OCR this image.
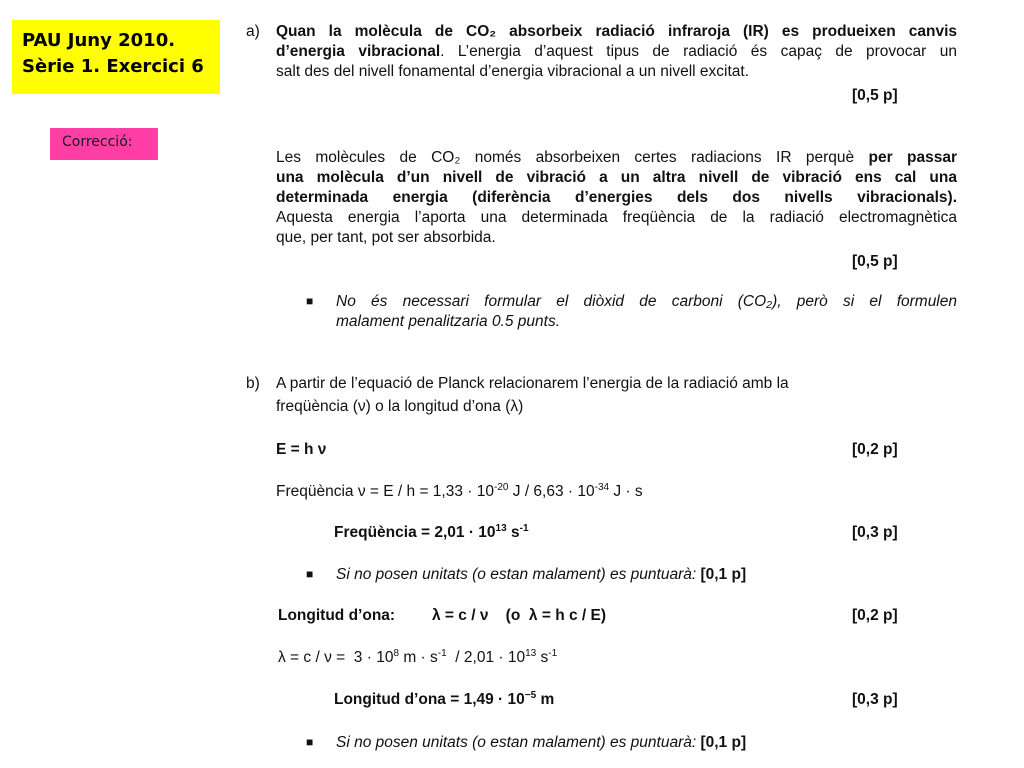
PAU Juny 2010.
Sèrie 1. Exercici 6
Correcció:
a) Quan la molècula de CO₂ absorbeix radiació infraroja (IR) es produeixen canvis
d’energia vibracional. L’energia d’aquest tipus de radiació és capaç de provocar un
salt des del nivell fonamental d’energia vibracional a un nivell excitat.
[0,5 p]
Les molècules de CO₂ només absorbeixen certes radiacions IR perquè per passar
una molècula d’un nivell de vibració a un altra nivell de vibració ens cal una
determinada energia (diferència d’energies dels dos nivells vibracionals).
Aquesta energia l’aporta una determinada freqüència de la radiació electromagnètica
que, per tant, pot ser absorbida.
[0,5 p]
■ No és necessari formular el diòxid de carboni (CO₂), però si el formulen
malament penalitzaria 0.5 punts.
b) A partir de l’equació de Planck relacionarem l’energia de la radiació amb la
freqüència (ν) o la longitud d’ona (λ)
E = h ν	[0,2 p]
Freqüència $\nu = E / h = 1,33 \cdot 10^{-20}$ $J / 6,63 \cdot 10^{-34}$ J · s
Freqüència = $2,01 \cdot 10^{13}$ $s^{-1}$	[0,3 p]
■ Si no posen unitats (o estan malament) es puntuarà: [0,1 p]
Longitud d’ona: λ = c / ν    (o  λ = h c / E)	[0,2 p]
$\lambda = c / \nu = 3 \cdot 10^8$ $m \cdot s^{-1} / 2,01 \cdot 10^{13}$ $s^{-1}$
Longitud d’ona = $1,49 \cdot 10^{-5}$ m	[0,3 p]
■ Si no posen unitats (o estan malament) es puntuarà: [0,1 p]
